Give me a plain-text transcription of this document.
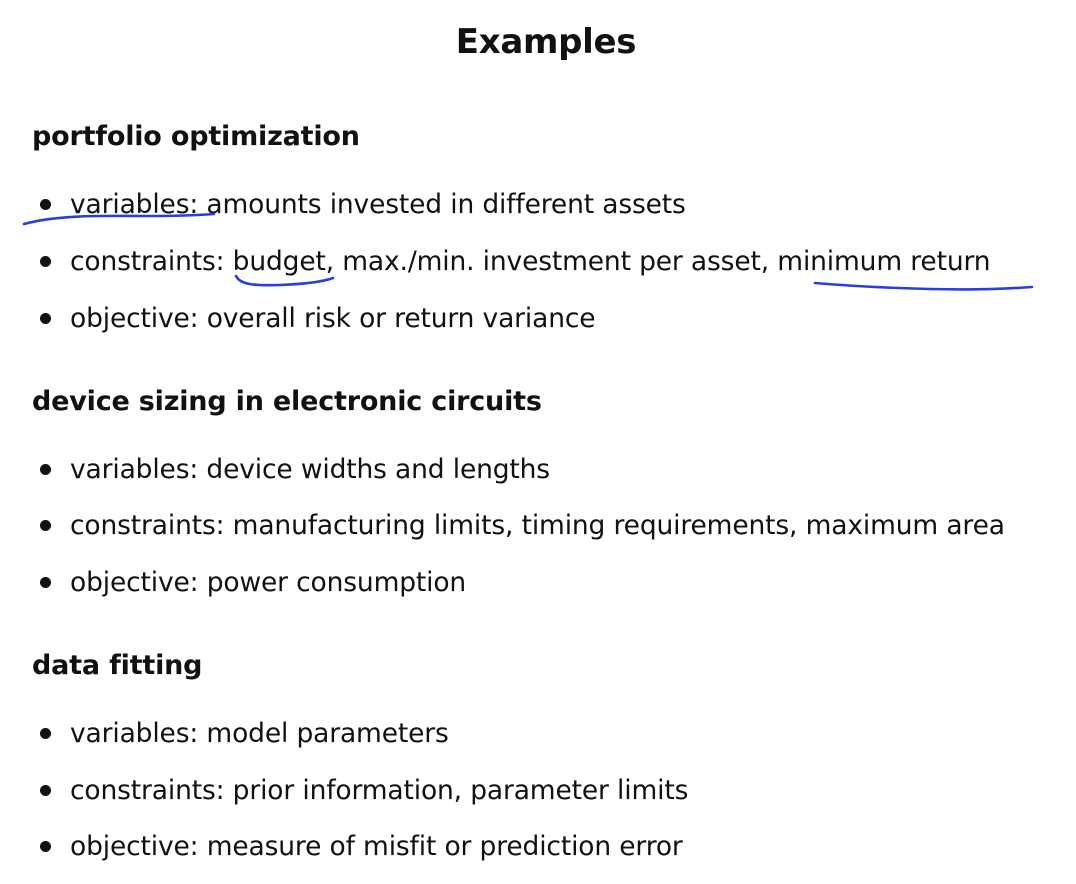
Examples
portfolio optimization
variables: amounts invested in different assets
constraints: budget, max./min. investment per asset, minimum return
objective: overall risk or return variance
device sizing in electronic circuits
variables: device widths and lengths
constraints: manufacturing limits, timing requirements, maximum area
objective: power consumption
data fitting
variables: model parameters
constraints: prior information, parameter limits
objective: measure of misfit or prediction error
